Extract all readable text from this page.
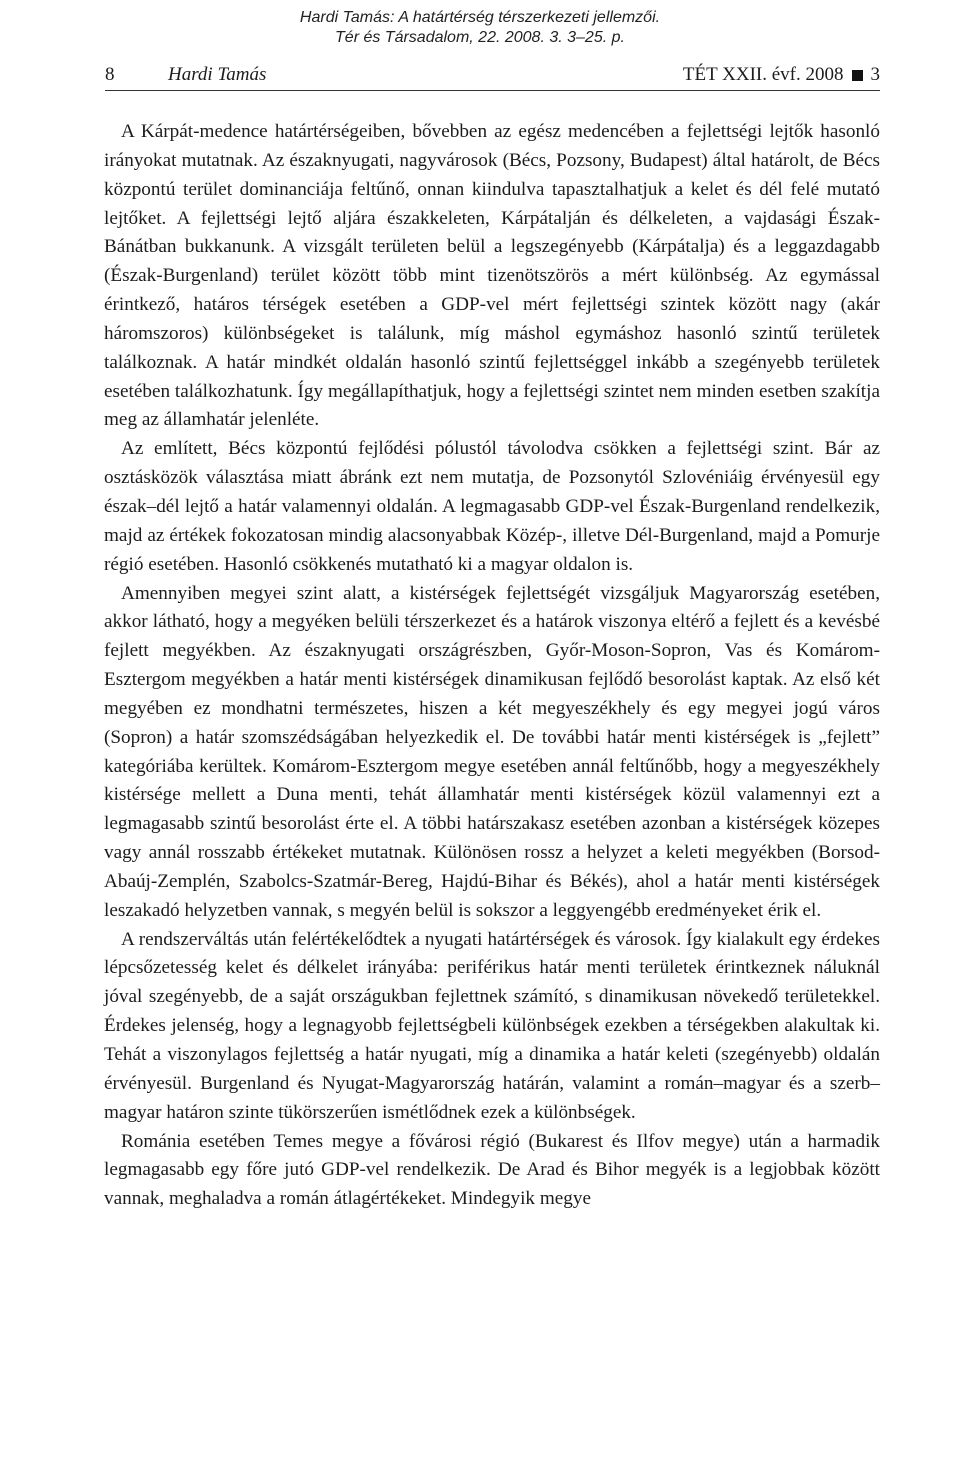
Hardi Tamás: A határtérség térszerkezeti jellemzői.
Tér és Társadalom, 22. 2008. 3. 3–25. p.
8	Hardi Tamás	TÉT XXII. évf. 2008 3

A Kárpát-medence határtérségeiben, bővebben az egész medencében a fejlettségi lejtők hasonló irányokat mutatnak. Az északnyugati, nagyvárosok (Bécs, Pozsony, Budapest) által határolt, de Bécs központú terület dominanciája feltűnő, onnan kiindulva tapasztalhatjuk a kelet és dél felé mutató lejtőket. A fejlettségi lejtő aljára északkeleten, Kárpátalján és délkeleten, a vajdasági Észak-Bánátban bukkanunk. A vizsgált területen belül a legszegényebb (Kárpátalja) és a leggazdagabb (Észak-Burgenland) terület között több mint tizenötszörös a mért különbség. Az egymással érintkező, határos térségek esetében a GDP-vel mért fejlettségi szintek között nagy (akár háromszoros) különbségeket is találunk, míg máshol egymáshoz hasonló szintű területek találkoznak. A határ mindkét oldalán hasonló szintű fejlettséggel inkább a szegényebb területek esetében találkozhatunk. Így megállapíthatjuk, hogy a fejlettségi szintet nem minden esetben szakítja meg az államhatár jelenléte.

Az említett, Bécs központú fejlődési pólustól távolodva csökken a fejlettségi szint. Bár az osztásközök választása miatt ábránk ezt nem mutatja, de Pozsonytól Szlovéniáig érvényesül egy észak–dél lejtő a határ valamennyi oldalán. A legmagasabb GDP-vel Észak-Burgenland rendelkezik, majd az értékek fokozatosan mindig alacsonyabbak Közép-, illetve Dél-Burgenland, majd a Pomurje régió esetében. Hasonló csökkenés mutatható ki a magyar oldalon is.

Amennyiben megyei szint alatt, a kistérségek fejlettségét vizsgáljuk Magyarország esetében, akkor látható, hogy a megyéken belüli térszerkezet és a határok viszonya eltérő a fejlett és a kevésbé fejlett megyékben. Az északnyugati országrészben, Győr-Moson-Sopron, Vas és Komárom-Esztergom megyékben a határ menti kistérségek dinamikusan fejlődő besorolást kaptak. Az első két megyében ez mondhatni természetes, hiszen a két megyeszékhely és egy megyei jogú város (Sopron) a határ szomszédságában helyezkedik el. De további határ menti kistérségek is „fejlett” kategóriába kerültek. Komárom-Esztergom megye esetében annál feltűnőbb, hogy a megyeszékhely kistérsége mellett a Duna menti, tehát államhatár menti kistérségek közül valamennyi ezt a legmagasabb szintű besorolást érte el. A többi határszakasz esetében azonban a kistérségek közepes vagy annál rosszabb értékeket mutatnak. Különösen rossz a helyzet a keleti megyékben (Borsod-Abaúj-Zemplén, Szabolcs-Szatmár-Bereg, Hajdú-Bihar és Békés), ahol a határ menti kistérségek leszakadó helyzetben vannak, s megyén belül is sokszor a leggyengébb eredményeket érik el.

A rendszerváltás után felértékelődtek a nyugati határtérségek és városok. Így kialakult egy érdekes lépcsőzetesség kelet és délkelet irányába: periférikus határ menti területek érintkeznek náluknál jóval szegényebb, de a saját országukban fejlettnek számító, s dinamikusan növekedő területekkel. Érdekes jelenség, hogy a legnagyobb fejlettségbeli különbségek ezekben a térségekben alakultak ki. Tehát a viszonylagos fejlettség a határ nyugati, míg a dinamika a határ keleti (szegényebb) oldalán érvényesül. Burgenland és Nyugat-Magyarország határán, valamint a román–magyar és a szerb–magyar határon szinte tükörszerűen ismétlődnek ezek a különbségek.

Románia esetében Temes megye a fővárosi régió (Bukarest és Ilfov megye) után a harmadik legmagasabb egy főre jutó GDP-vel rendelkezik. De Arad és Bihor megyék is a legjobbak között vannak, meghaladva a román átlagértékeket. Mindegyik megye
